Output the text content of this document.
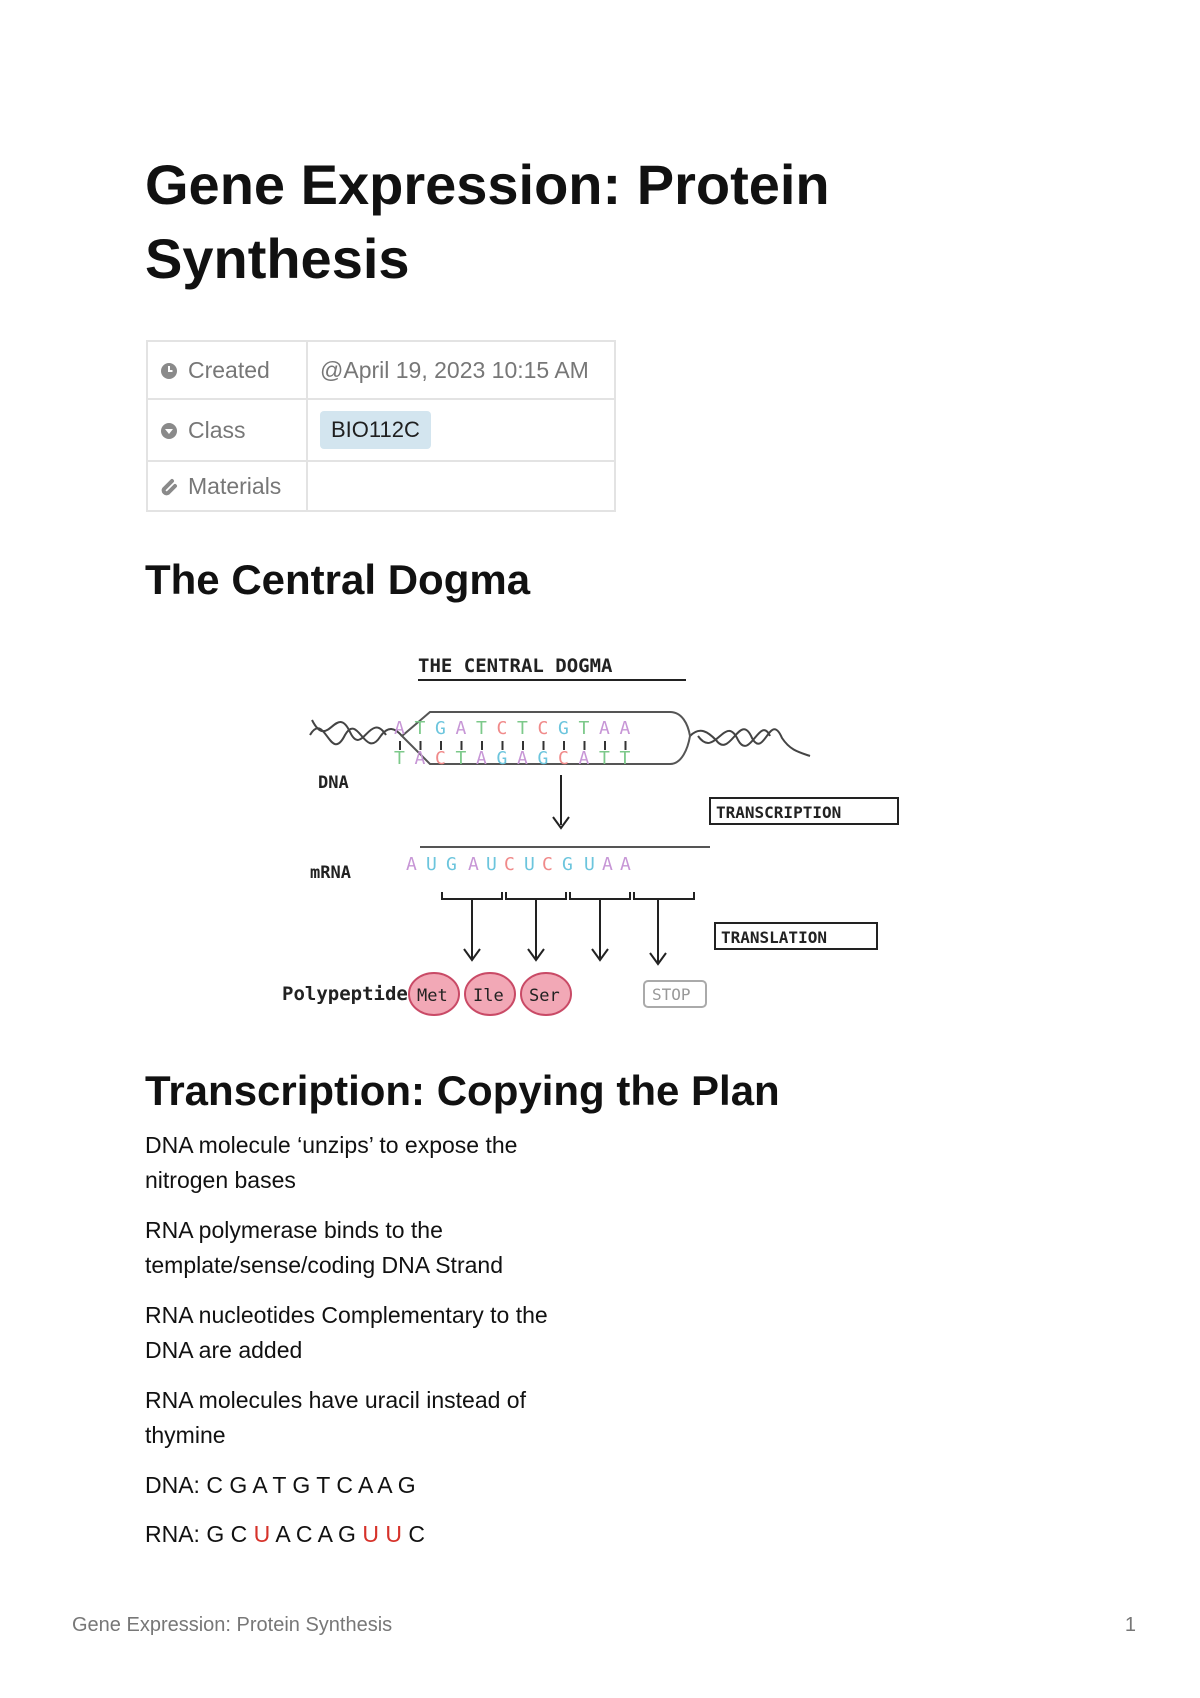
Gene Expression: Protein Synthesis
Created	@April 19, 2023 10:15 AM
Class	BIO112C
Materials	
The Central Dogma
THE CENTRAL DOGMA
A T G A T C T C G T A A
T A C T A G A G C A T T
DNA
TRANSCRIPTION
mRNA	A U G A U C U C G U A A
TRANSLATION
Polypeptide Met Ile Ser	STOP
Transcription: Copying the Plan

DNA molecule ‘unzips’ to expose the nitrogen bases

RNA polymerase binds to the template/sense/coding DNA Strand

RNA nucleotides Complementary to the DNA are added

RNA molecules have uracil instead of thymine

DNA: C G A T G T C A A G

RNA: G C U A C A G U U C

Gene Expression: Protein Synthesis	1
